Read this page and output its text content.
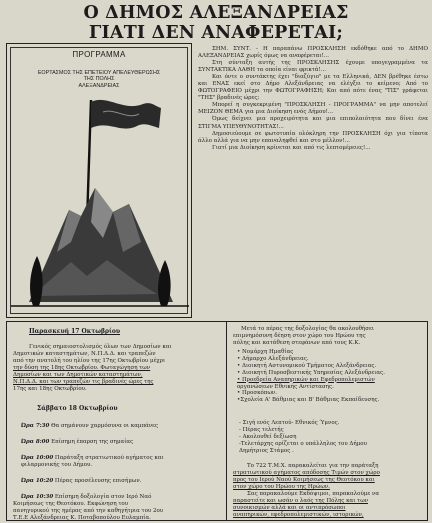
Ο ΔΗΜΟΣ ΑΛΕΞΑΝΔΡΕΙΑΣ
ΓΙΑΤΙ ΔΕΝ ΑΝΑΦΕΡΕΤΑΙ;
ΠΡΟΓΡΑΜΜΑ
ΕΟΡΤΑΣΜΟΣ ΤΗΣ ΕΠΕΤΕΙΟΥ ΑΠΕΛΕΥΘΕΡΩΣΗΣ
ΤΗΣ ΠΟΛΗΣ
ΑΛΕΞΑΝΔΡΕΙΑΣ

ΣΗΜ. ΣΥΝΤ. - Η παραπάνω ΠΡΟΣΚΛΗΣΗ εκδόθηκε από το ΔΗΜΟ ΑΛΕΞΑΝΔΡΕΙΑΣ χωρίς όμως να αναφέρεται!...

Στη σύνταξη αυτής της ΠΡΟΣΚΛΗΣΗΣ έχουμε υπογεγραμμένα τα ΣΥΝΤΑΚΤΙΚΑ ΛΑΘΗ τα οποία είναι φρικτά!...

Και όντε ο συντάκτης έχει "διαζύγιο" με τα Ελληνικά, ΔΕΝ βρέθηκε έστω και ΕΝΑΣ εκεί στο Δήμο Αλεξάνδρειας να ελέγξει το κείμενο; Από το ΦΩΤΟΓΡΑΦΕΙΟ μέχρι την ΦΩΤΟΓΡΑΦΗΣΗ; Και από πότε ένας "ΤΙΣ" γράφεται "ΤΗΣ" βραδινές ώρες;

Μπορεί η συγκεκριμένη "ΠΡΟΣΚΛΗΣΗ - ΠΡΟΓΡΑΜΜΑ" να μην αποτελεί ΜΕΙΖΟΝ ΘΕΜΑ για μια Διοίκηση ενός Δήμου!...

Όμως δείχνει μια προχειρότητα και μια επιπολαιότητα που δίνει ένα ΣΤΙΓΜΑ ΥΠΕΥΘΥΝΟΤΗΤΑΣ!...

Δημοσιεύουμε σε φωτοτυπία ολόκληρη την ΠΡΟΣΚΛΗΣΗ όχι για τίποτα άλλο αλλά για να μην επαναληφθεί και στο μέλλον!...

Γιατί μια Διοίκηση κρίνεται και από τις λεπτομέρειες!...

Παρασκευή 17 Οκτωβρίου
Γενικός σημαιοστολισμός όλων των Δημοσίων και
Δημοτικών καταστημάτων, Ν.Π.Δ.Δ. και τραπεζών
από την ανατολή του ηλίου της 17ης Οκτωβρίου μέχρι
την δύση της 18ης Οκτωβρίου. Φωταγώγηση των
Δημοσίων και των Δημοτικών καταστημάτων,
Ν.Π.Δ.Δ. και των τραπεζών τις βραδινές ώρες της
17ης και 18ης Οκτωβρίου.
Σάββατο 18 Οκτωβρίου
Ώρα 7:30 Θα σημάνουν χαρμόσυνα οι καμπάνες
Ώρα 8:00 Επίσημη έπαρση της σημαίας
Ώρα 10:00 Παράταξη στρατιωτικού αγήματος και
φιλαρμονικής του Δήμου.
Ώρα 10:20 Πέρας προσέλευσης επισήμων.
Ώρα 10:30 Επίσημη δοξολογία στον Ιερό Ναό
Κοιμήσεως της Θεοτόκου. Εκφώνηση του
πανηγυρικού της ημέρας από την καθηγήτρια του 2ου
Τ.Ε.Ε Αλεξάνδρειας Κ. Ποταβοπούλου Ευλαμπία.
Μετά το πέρας της δοξολογίας θα ακολουθήσει
επιμνημόσυνη δέηση στον χώρο του Ηρώου της
πόλης και κατάθεση στεφάνων από τους Κ.Κ.
• Νομάρχη Ημαθίας
• Δήμαρχο Αλεξάνδρειας.
• Διοικητή Αστυνομικού Τμήματος Αλεξάνδρειας.
• Διοικητή Πυροσβεστικής Υπηρεσίας Αλεξάνδρειας.
• Προεδρεία Αναπηρικών και Εφεδροπολεμιστών
οργανώσεων Εθνικής Αντίστασης.
• Προσκόπων.
•Σχολεία Α' Βάθμιας και Β' Βάθμιας Εκπαίδευσης.
- Σιγή ενός Λεπτού- Εθνικός Ύμνος.
- Πέρας τελετής
- Ακολουθεί δεξίωση
-Τελετάρχης ορίζεται ο υπάλληλος του Δήμου
Δημήτριος Στάμος .
Το 722 Τ.Μ.Χ. παρακαλείται για την παράταξη
στρατιωτικού αγήματος απόδοσης Τιμών στον χώρο
προς του Ιερού Ναού Κοιμήσεως της Θεοτόκου και
στον χώρο του Ηρώου της Ηρώων.
Σας παρακαλούμε Εκδόψιμοι, παρακαλούμε να
παραστείτε και ωσάν ο λαός της Πόλης και των
συνοικισμών αλλά και οι αντιπρόσωποι
αναπηρικών, εφεδροπολεμιστικών, ιστορικών,
